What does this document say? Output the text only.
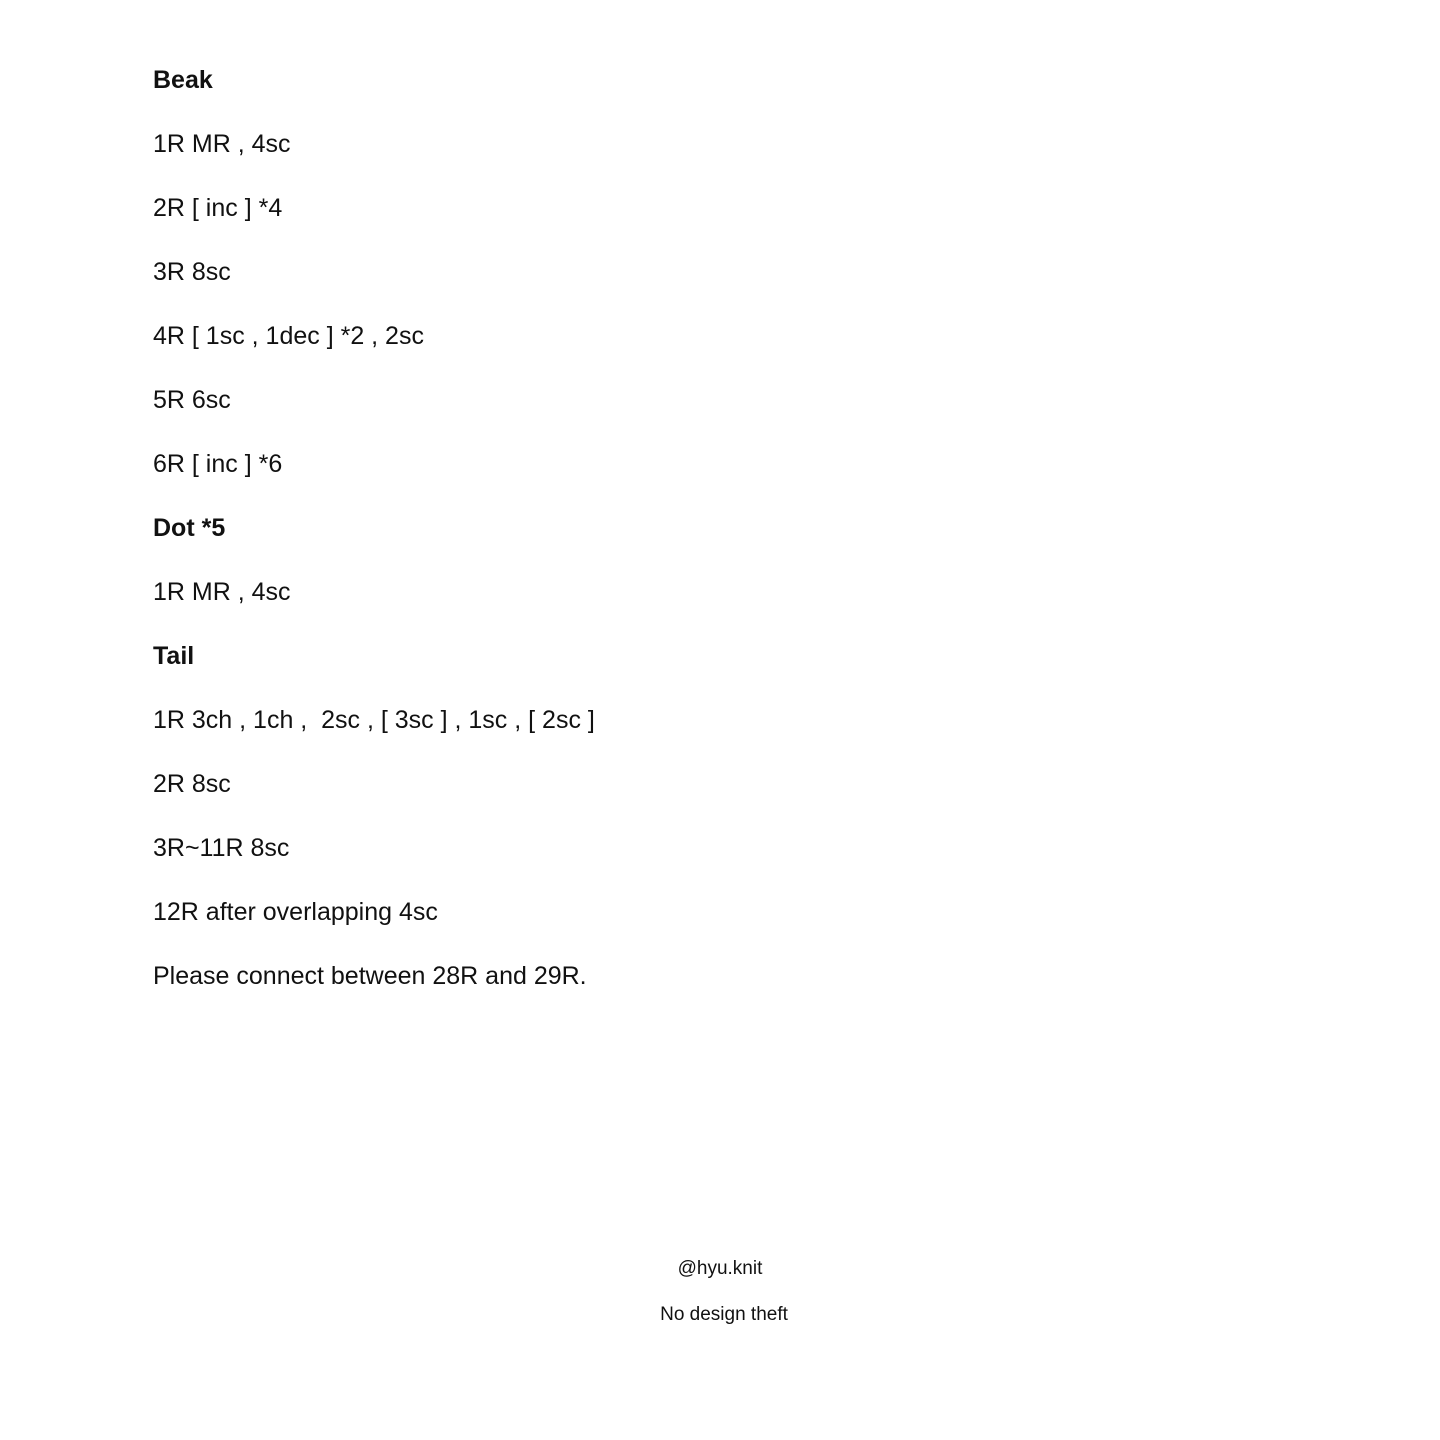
Beak
1R MR , 4sc
2R [ inc ] *4
3R 8sc
4R [ 1sc , 1dec ] *2 , 2sc
5R 6sc
6R [ inc ] *6
Dot *5
1R MR , 4sc
Tail
1R 3ch , 1ch ,  2sc , [ 3sc ] , 1sc , [ 2sc ]
2R 8sc
3R~11R 8sc
12R after overlapping 4sc
Please connect between 28R and 29R.
@hyu.knit
No design theft
